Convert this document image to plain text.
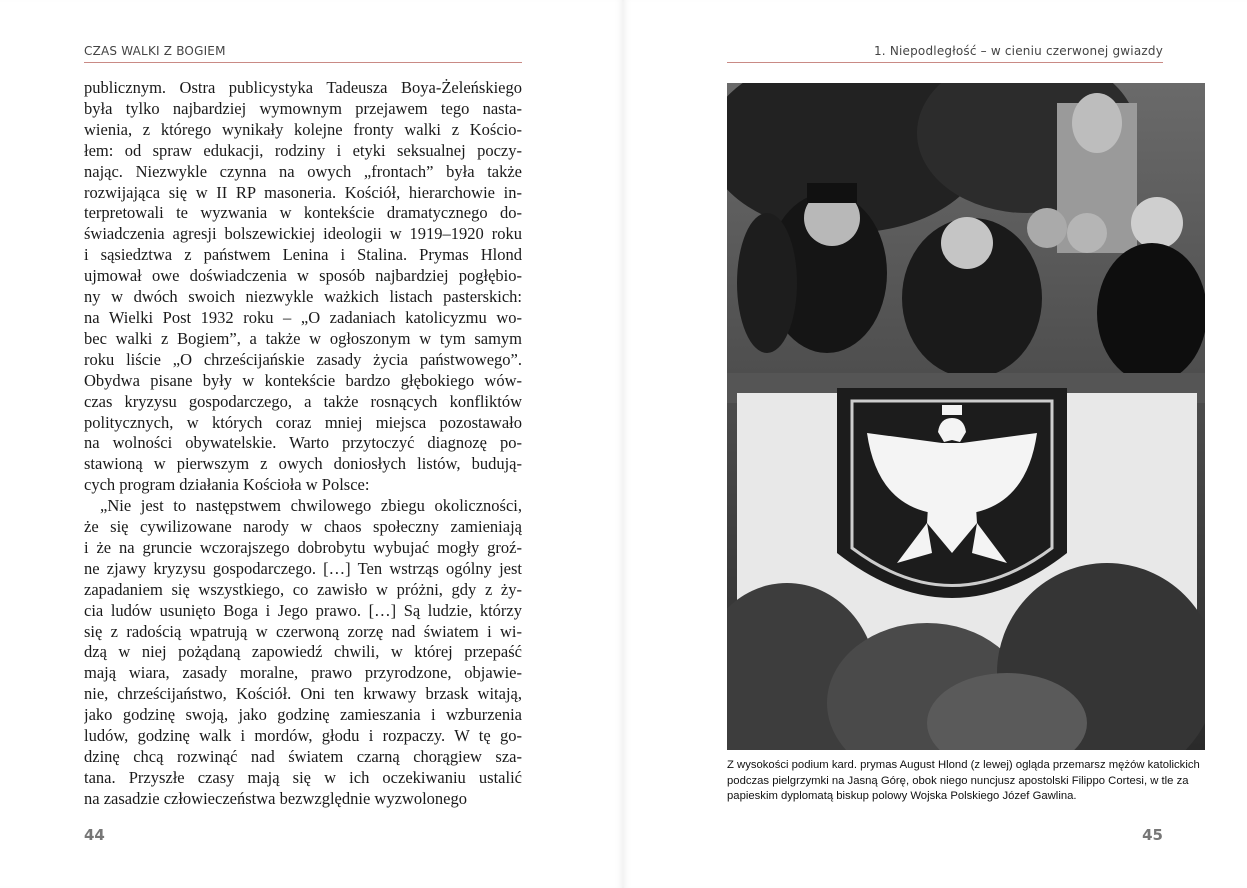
CZAS WALKI Z BOGIEM
publicznym. Ostra publicystyka Tadeusza Boya-Żeleńskiego
była tylko najbardziej wymownym przejawem tego nasta-
wienia, z którego wynikały kolejne fronty walki z Kościo-
łem: od spraw edukacji, rodziny i etyki seksualnej poczy-
nając. Niezwykle czynna na owych „frontach” była także
rozwijająca się w II RP masoneria. Kościół, hierarchowie in-
terpretowali te wyzwania w kontekście dramatycznego do-
świadczenia agresji bolszewickiej ideologii w 1919–1920 roku
i sąsiedztwa z państwem Lenina i Stalina. Prymas Hlond
ujmował owe doświadczenia w sposób najbardziej pogłębio-
ny w dwóch swoich niezwykle ważkich listach pasterskich:
na Wielki Post 1932 roku – „O zadaniach katolicyzmu wo-
bec walki z Bogiem”, a także w ogłoszonym w tym samym
roku liście „O chrześcijańskie zasady życia państwowego”.
Obydwa pisane były w kontekście bardzo głębokiego wów-
czas kryzysu gospodarczego, a także rosnących konfliktów
politycznych, w których coraz mniej miejsca pozostawało
na wolności obywatelskie. Warto przytoczyć diagnozę po-
stawioną w pierwszym z owych doniosłych listów, budują-
cych program działania Kościoła w Polsce:
„Nie jest to następstwem chwilowego zbiegu okoliczności,
że się cywilizowane narody w chaos społeczny zamieniają
i że na gruncie wczorajszego dobrobytu wybujać mogły groź-
ne zjawy kryzysu gospodarczego. […] Ten wstrząs ogólny jest
zapadaniem się wszystkiego, co zawisło w próżni, gdy z ży-
cia ludów usunięto Boga i Jego prawo. […] Są ludzie, którzy
się z radością wpatrują w czerwoną zorzę nad światem i wi-
dzą w niej pożądaną zapowiedź chwili, w której przepaść
mają wiara, zasady moralne, prawo przyrodzone, objawie-
nie, chrześcijaństwo, Kościół. Oni ten krwawy brzask witają,
jako godzinę swoją, jako godzinę zamieszania i wzburzenia
ludów, godzinę walk i mordów, głodu i rozpaczy. W tę go-
dzinę chcą rozwinąć nad światem czarną chorągiew sza-
tana. Przyszłe czasy mają się w ich oczekiwaniu ustalić
na zasadzie człowieczeństwa bezwzględnie wyzwolonego
44
1. Niepodległość – w cieniu czerwonej gwiazdy
Z wysokości podium kard. prymas August Hlond (z lewej) ogląda przemarsz mężów katolickich podczas pielgrzymki na Jasną Górę, obok niego nuncjusz apostolski Filippo Cortesi, w tle za papieskim dyplomatą biskup polowy Wojska Polskiego Józef Gawlina.
45
